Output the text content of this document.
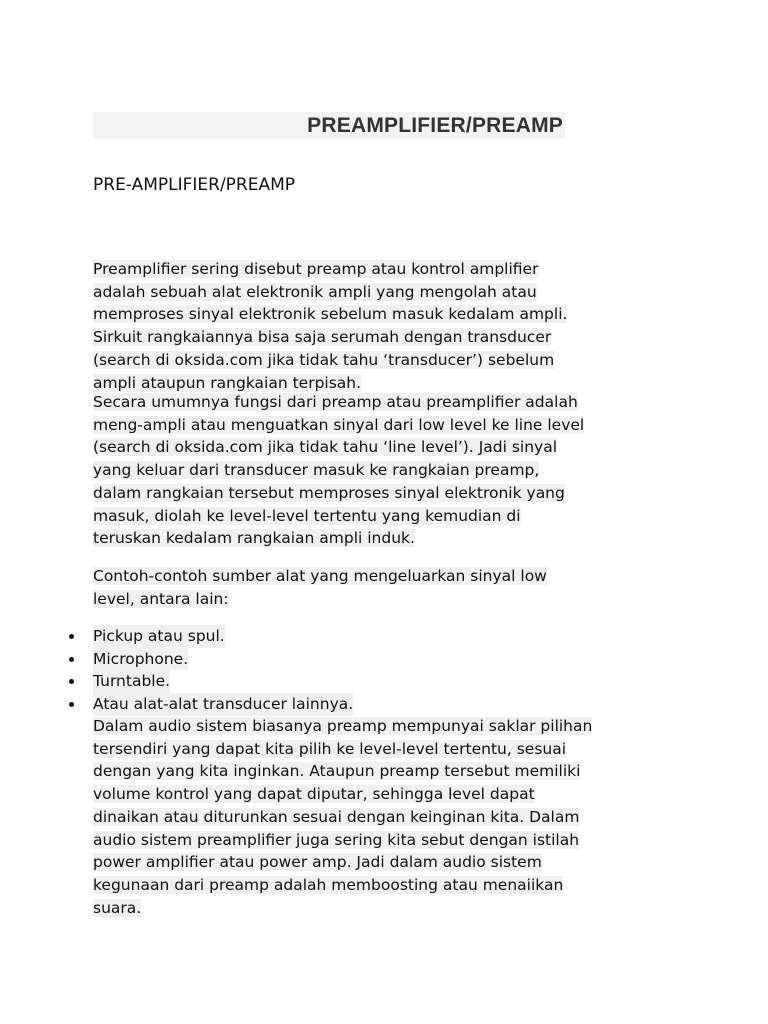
PREAMPLIFIER/PREAMP
PRE-AMPLIFIER/PREAMP
Preamplifier sering disebut preamp atau kontrol amplifier
adalah sebuah alat elektronik ampli yang mengolah atau
memproses sinyal elektronik sebelum masuk kedalam ampli.
Sirkuit rangkaiannya bisa saja serumah dengan transducer
(search di oksida.com jika tidak tahu ‘transducer’) sebelum
ampli ataupun rangkaian terpisah.
Secara umumnya fungsi dari preamp atau preamplifier adalah
meng-ampli atau menguatkan sinyal dari low level ke line level
(search di oksida.com jika tidak tahu ‘line level’). Jadi sinyal
yang keluar dari transducer masuk ke rangkaian preamp,
dalam rangkaian tersebut memproses sinyal elektronik yang
masuk, diolah ke level-level tertentu yang kemudian di
teruskan kedalam rangkaian ampli induk.
Contoh-contoh sumber alat yang mengeluarkan sinyal low
level, antara lain:
Pickup atau spul.
Microphone.
Turntable.
Atau alat-alat transducer lainnya.
Dalam audio sistem biasanya preamp mempunyai saklar pilihan
tersendiri yang dapat kita pilih ke level-level tertentu, sesuai
dengan yang kita inginkan. Ataupun preamp tersebut memiliki
volume kontrol yang dapat diputar, sehingga level dapat
dinaikan atau diturunkan sesuai dengan keinginan kita. Dalam
audio sistem preamplifier juga sering kita sebut dengan istilah
power amplifier atau power amp. Jadi dalam audio sistem
kegunaan dari preamp adalah memboosting atau menaiikan
suara.
